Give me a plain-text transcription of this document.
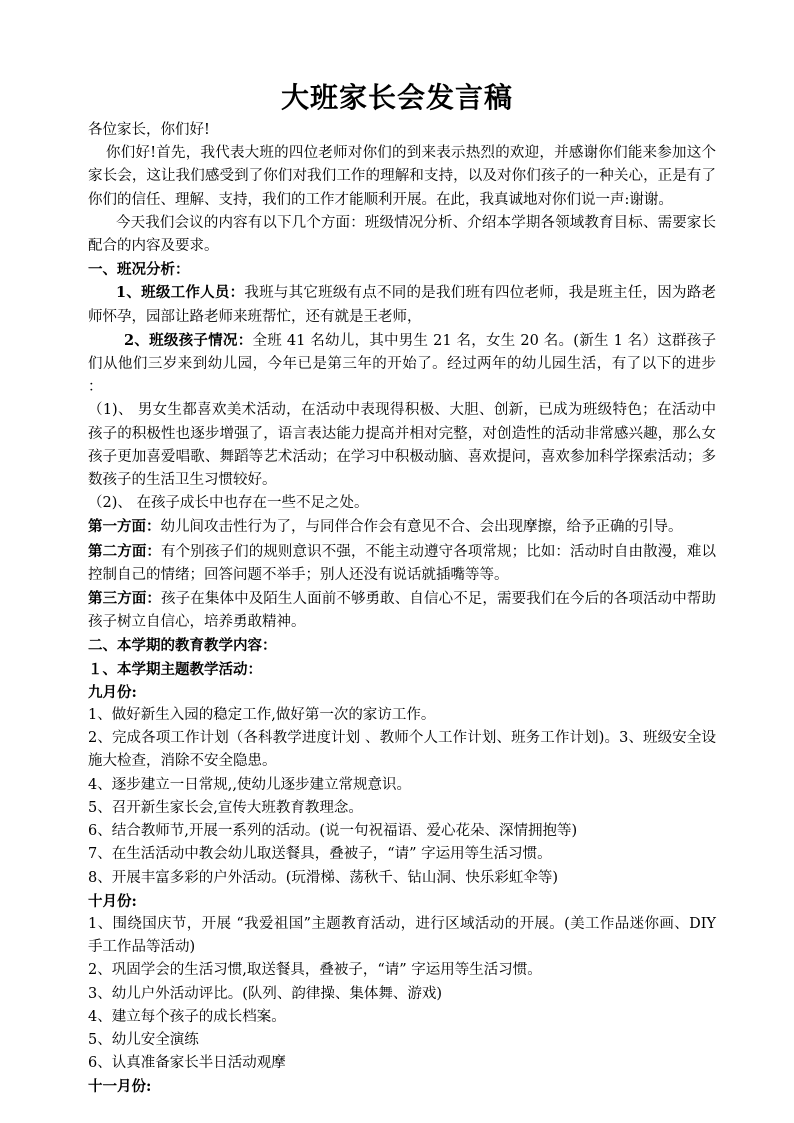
大班家长会发言稿

各位家长，你们好!

你们好!首先，我代表大班的四位老师对你们的到来表示热烈的欢迎，并感谢你们能来参加这个家长会，这让我们感受到了你们对我们工作的理解和支持，以及对你们孩子的一种关心，正是有了你们的信任、理解、支持，我们的工作才能顺利开展。在此，我真诚地对你们说一声:谢谢。

今天我们会议的内容有以下几个方面：班级情况分析、介绍本学期各领域教育目标、需要家长配合的内容及要求。

一、班况分析：

1、班级工作人员：我班与其它班级有点不同的是我们班有四位老师，我是班主任，因为路老师怀孕，园部让路老师来班帮忙，还有就是王老师，

2、班级孩子情况：全班 41 名幼儿，其中男生 21 名，女生 20 名。(新生 1 名）这群孩子们从他们三岁来到幼儿园，今年已是第三年的开始了。经过两年的幼儿园生活，有了以下的进步 ：

（1)、 男女生都喜欢美术活动，在活动中表现得积极、大胆、创新，已成为班级特色；在活动中孩子的积极性也逐步增强了，语言表达能力提高并相对完整，对创造性的活动非常感兴趣，那么女孩子更加喜爱唱歌、舞蹈等艺术活动；在学习中积极动脑、喜欢提问，喜欢参加科学探索活动；多数孩子的生活卫生习惯较好。

（2)、 在孩子成长中也存在一些不足之处。

第一方面：幼儿间攻击性行为了，与同伴合作会有意见不合、会出现摩擦，给予正确的引导。

第二方面：有个别孩子们的规则意识不强，不能主动遵守各项常规；比如：活动时自由散漫，难以控制自己的情绪；回答问题不举手；别人还没有说话就插嘴等等。

第三方面：孩子在集体中及陌生人面前不够勇敢、自信心不足，需要我们在今后的各项活动中帮助孩子树立自信心，培养勇敢精神。

二、本学期的教育教学内容：

１、本学期主题教学活动：

九月份:

1、做好新生入园的稳定工作,做好第一次的家访工作。

2、完成各项工作计划（各科教学进度计划 、教师个人工作计划、班务工作计划)。3、班级安全设施大检查，消除不安全隐患。

4、逐步建立一日常规,,使幼儿逐步建立常规意识。

5、召开新生家长会,宣传大班教育教理念。

6、结合教师节,开展一系列的活动。(说一句祝福语、爱心花朵、深情拥抱等)

7、在生活活动中教会幼儿取送餐具，叠被子，“请” 字运用等生活习惯。

8、开展丰富多彩的户外活动。(玩滑梯、荡秋千、钻山洞、快乐彩虹伞等)

十月份:

1、围绕国庆节，开展 “我爱祖国”主题教育活动，进行区域活动的开展。(美工作品迷你画、DIY 手工作品等活动)

2、巩固学会的生活习惯,取送餐具，叠被子，“请” 字运用等生活习惯。

3、幼儿户外活动评比。(队列、韵律操、集体舞、游戏)

4、建立每个孩子的成长档案。

5、幼儿安全演练

6、认真准备家长半日活动观摩

十一月份:
